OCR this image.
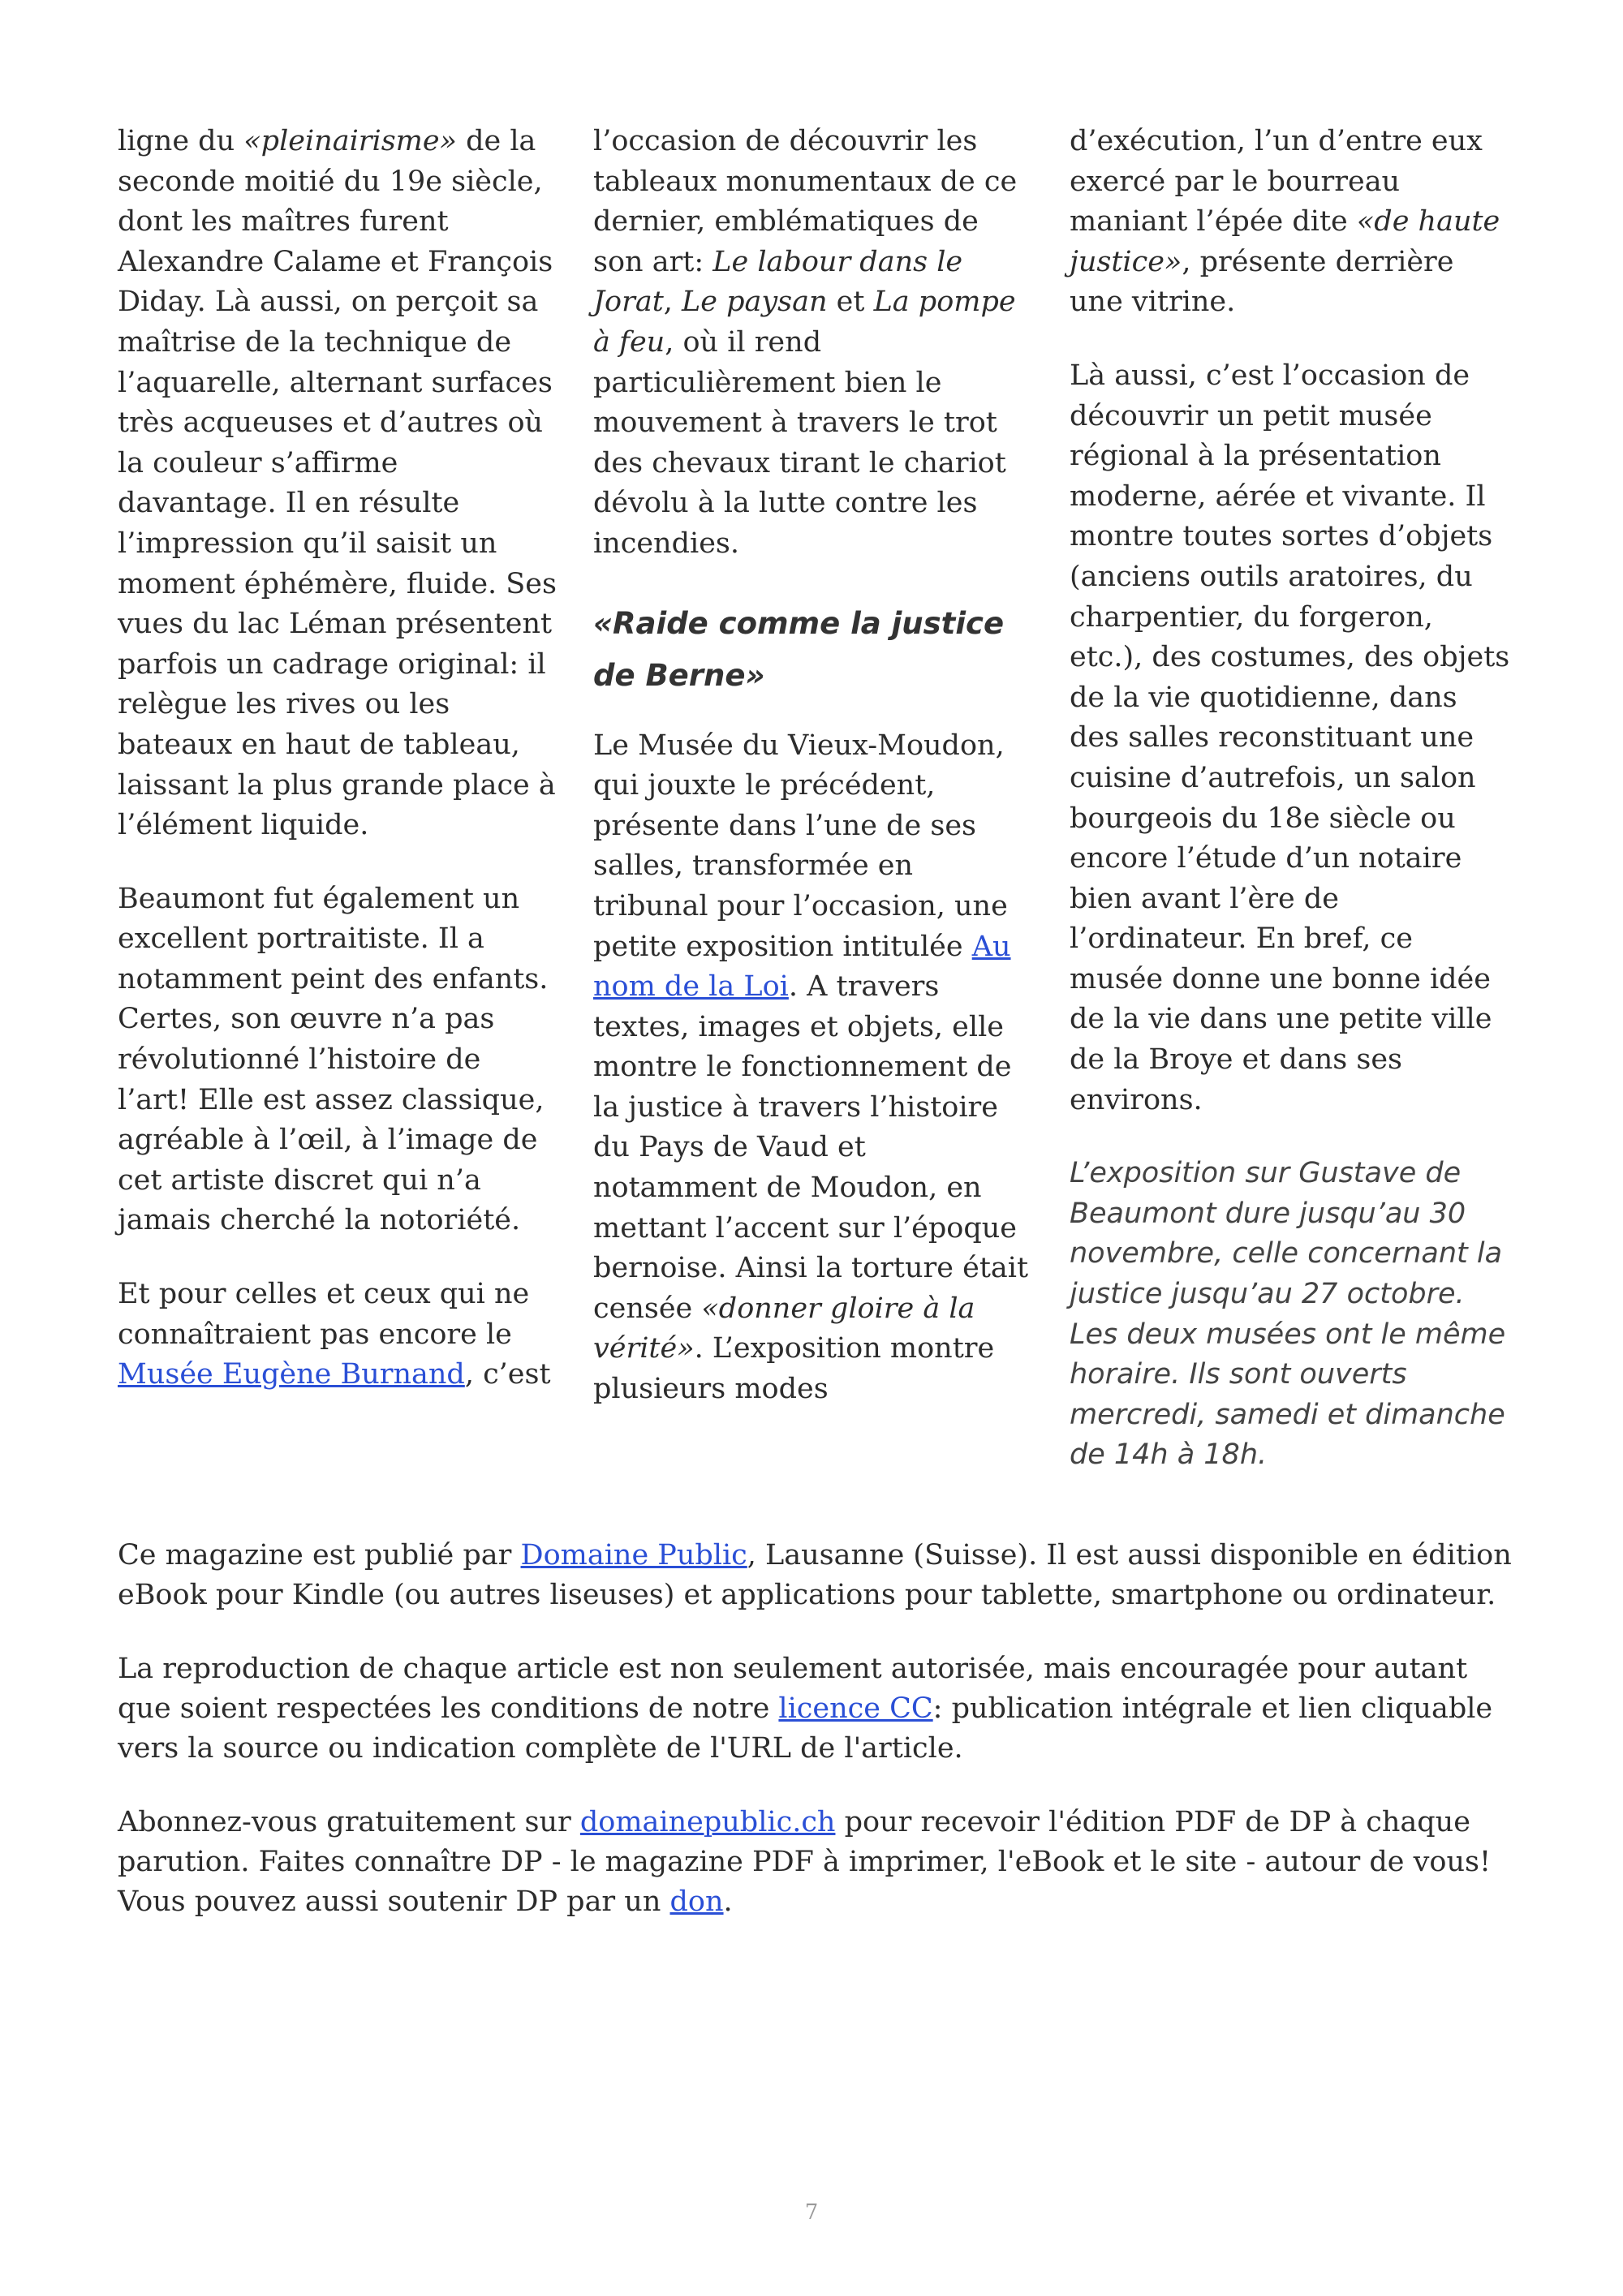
ligne du «pleinairisme» de la seconde moitié du 19e siècle, dont les maîtres furent Alexandre Calame et François Diday. Là aussi, on perçoit sa maîtrise de la technique de l’aquarelle, alternant surfaces très acqueuses et d’autres où la couleur s’affirme davantage. Il en résulte l’impression qu’il saisit un moment éphémère, fluide. Ses vues du lac Léman présentent parfois un cadrage original: il relègue les rives ou les bateaux en haut de tableau, laissant la plus grande place à l’élément liquide.

Beaumont fut également un excellent portraitiste. Il a notamment peint des enfants. Certes, son œuvre n’a pas révolutionné l’histoire de l’art! Elle est assez classique, agréable à l’œil, à l’image de cet artiste discret qui n’a jamais cherché la notoriété.

Et pour celles et ceux qui ne connaîtraient pas encore le Musée Eugène Burnand, c’est

l’occasion de découvrir les tableaux monumentaux de ce dernier, emblématiques de son art: Le labour dans le Jorat, Le paysan et La pompe à feu, où il rend particulièrement bien le mouvement à travers le trot des chevaux tirant le chariot dévolu à la lutte contre les incendies.

«Raide comme la justice de Berne»

Le Musée du Vieux-Moudon, qui jouxte le précédent, présente dans l’une de ses salles, transformée en tribunal pour l’occasion, une petite exposition intitulée Au nom de la Loi. A travers textes, images et objets, elle montre le fonctionnement de la justice à travers l’histoire du Pays de Vaud et notamment de Moudon, en mettant l’accent sur l’époque bernoise. Ainsi la torture était censée «donner gloire à la vérité». L’exposition montre plusieurs modes

d’exécution, l’un d’entre eux exercé par le bourreau maniant l’épée dite «de haute justice», présente derrière une vitrine.

Là aussi, c’est l’occasion de découvrir un petit musée régional à la présentation moderne, aérée et vivante. Il montre toutes sortes d’objets (anciens outils aratoires, du charpentier, du forgeron, etc.), des costumes, des objets de la vie quotidienne, dans des salles reconstituant une cuisine d’autrefois, un salon bourgeois du 18e siècle ou encore l’étude d’un notaire bien avant l’ère de l’ordinateur. En bref, ce musée donne une bonne idée de la vie dans une petite ville de la Broye et dans ses environs.

L’exposition sur Gustave de Beaumont dure jusqu’au 30 novembre, celle concernant la justice jusqu’au 27 octobre. Les deux musées ont le même horaire. Ils sont ouverts mercredi, samedi et dimanche de 14h à 18h.

Ce magazine est publié par Domaine Public, Lausanne (Suisse). Il est aussi disponible en édition eBook pour Kindle (ou autres liseuses) et applications pour tablette, smartphone ou ordinateur.

La reproduction de chaque article est non seulement autorisée, mais encouragée pour autant que soient respectées les conditions de notre licence CC: publication intégrale et lien cliquable vers la source ou indication complète de l'URL de l'article.

Abonnez-vous gratuitement sur domainepublic.ch pour recevoir l'édition PDF de DP à chaque parution. Faites connaître DP - le magazine PDF à imprimer, l'eBook et le site - autour de vous! Vous pouvez aussi soutenir DP par un don.

7
